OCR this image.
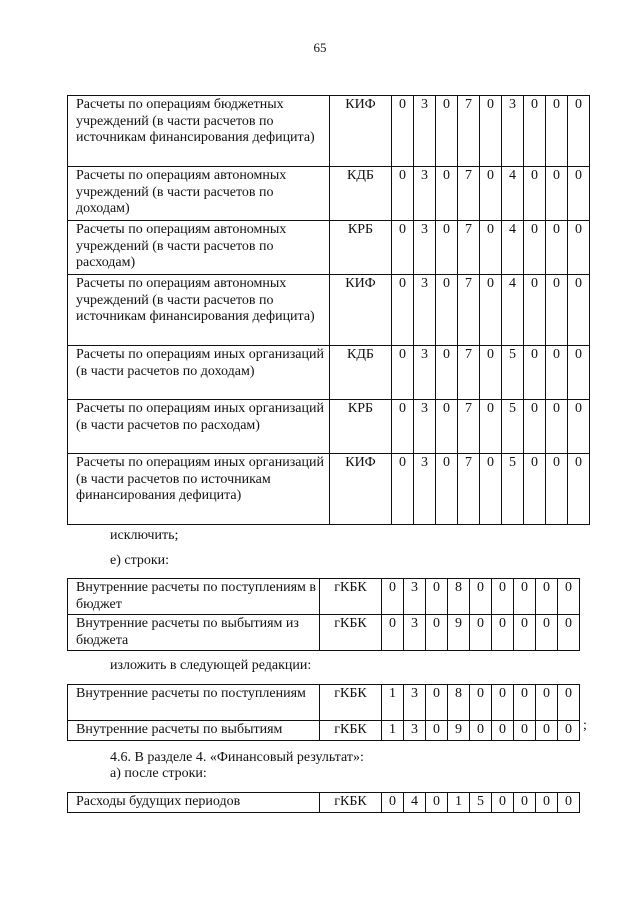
65
Расчеты по операциям бюджетных учреждений (в части расчетов по источникам финансирования дефицита)	КИФ	0	3	0	7	0	3	0	0	0
Расчеты по операциям автономных учреждений (в части расчетов по доходам)	КДБ	0	3	0	7	0	4	0	0	0
Расчеты по операциям автономных учреждений (в части расчетов по расходам)	КРБ	0	3	0	7	0	4	0	0	0
Расчеты по операциям автономных учреждений (в части расчетов по источникам финансирования дефицита)	КИФ	0	3	0	7	0	4	0	0	0
Расчеты по операциям иных организаций (в части расчетов по доходам)	КДБ	0	3	0	7	0	5	0	0	0
Расчеты по операциям иных организаций (в части расчетов по расходам)	КРБ	0	3	0	7	0	5	0	0	0
Расчеты по операциям иных организаций (в части расчетов по источникам финансирования дефицита)	КИФ	0	3	0	7	0	5	0	0	0
исключить;
е) строки:
Внутренние расчеты по поступлениям в бюджет	гКБК	0	3	0	8	0	0	0	0	0
Внутренние расчеты по выбытиям из бюджета	гКБК	0	3	0	9	0	0	0	0	0
изложить в следующей редакции:
Внутренние расчеты по поступлениям	гКБК	1	3	0	8	0	0	0	0	0
Внутренние расчеты по выбытиям	гКБК	1	3	0	9	0	0	0	0	0 ;
4.6. В разделе 4. «Финансовый результат»:
а) после строки:
Расходы будущих периодов	гКБК	0	4	0	1	5	0	0	0	0
